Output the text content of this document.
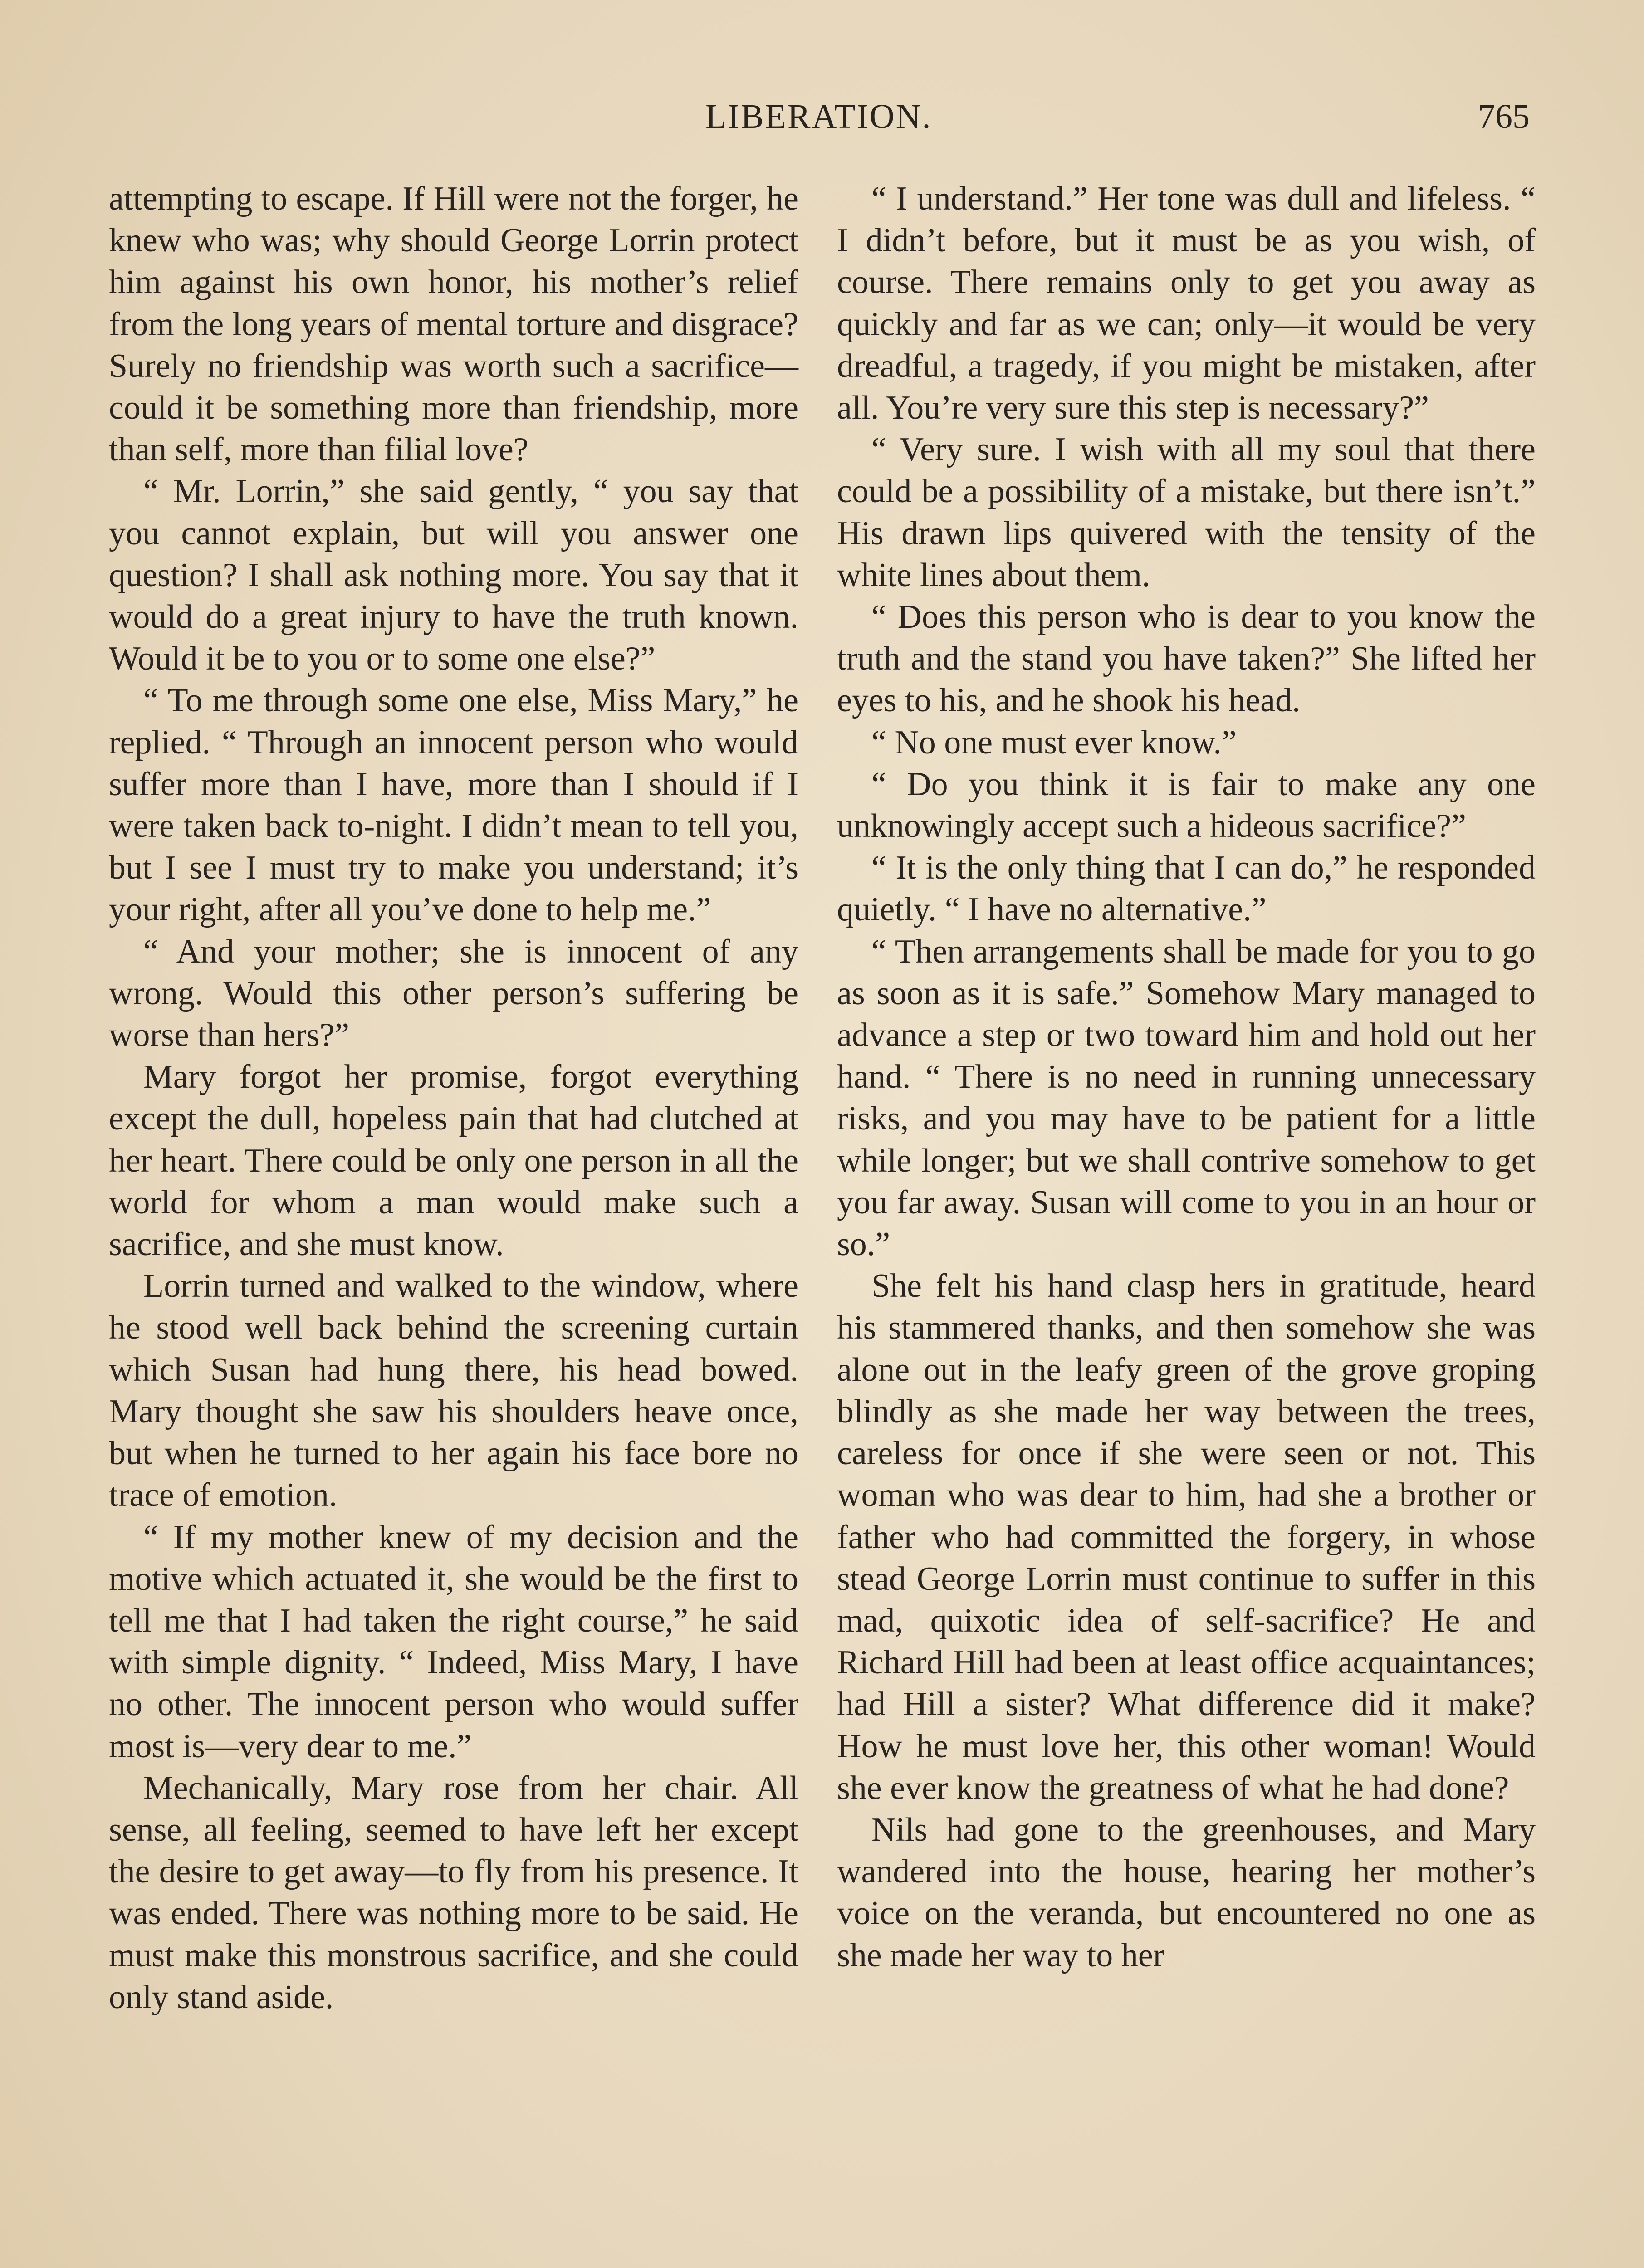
LIBERATION.	765

attempting to escape. If Hill were not the forger, he knew who was; why should George Lorrin protect him against his own honor, his mother’s relief from the long years of mental torture and disgrace? Surely no friendship was worth such a sacrifice—could it be something more than friendship, more than self, more than filial love?

“ Mr. Lorrin,” she said gently, “ you say that you cannot explain, but will you answer one question? I shall ask nothing more. You say that it would do a great injury to have the truth known. Would it be to you or to some one else?”

“ To me through some one else, Miss Mary,” he replied. “ Through an innocent person who would suffer more than I have, more than I should if I were taken back to-night. I didn’t mean to tell you, but I see I must try to make you understand; it’s your right, after all you’ve done to help me.”

“ And your mother; she is innocent of any wrong. Would this other person’s suffering be worse than hers?”

Mary forgot her promise, forgot everything except the dull, hopeless pain that had clutched at her heart. There could be only one person in all the world for whom a man would make such a sacrifice, and she must know.

Lorrin turned and walked to the window, where he stood well back behind the screening curtain which Susan had hung there, his head bowed. Mary thought she saw his shoulders heave once, but when he turned to her again his face bore no trace of emotion.

“ If my mother knew of my decision and the motive which actuated it, she would be the first to tell me that I had taken the right course,” he said with simple dignity. “ Indeed, Miss Mary, I have no other. The innocent person who would suffer most is—very dear to me.”

Mechanically, Mary rose from her chair. All sense, all feeling, seemed to have left her except the desire to get away—to fly from his presence. It was ended. There was nothing more to be said. He must make this monstrous sacrifice, and she could only stand aside.

“ I understand.” Her tone was dull and lifeless. “ I didn’t before, but it must be as you wish, of course. There remains only to get you away as quickly and far as we can; only—it would be very dreadful, a tragedy, if you might be mistaken, after all. You’re very sure this step is necessary?”

“ Very sure. I wish with all my soul that there could be a possibility of a mistake, but there isn’t.” His drawn lips quivered with the tensity of the white lines about them.

“ Does this person who is dear to you know the truth and the stand you have taken?” She lifted her eyes to his, and he shook his head.

“ No one must ever know.”

“ Do you think it is fair to make any one unknowingly accept such a hideous sacrifice?”

“ It is the only thing that I can do,” he responded quietly. “ I have no alternative.”

“ Then arrangements shall be made for you to go as soon as it is safe.” Somehow Mary managed to advance a step or two toward him and hold out her hand. “ There is no need in running unnecessary risks, and you may have to be patient for a little while longer; but we shall contrive somehow to get you far away. Susan will come to you in an hour or so.”

She felt his hand clasp hers in gratitude, heard his stammered thanks, and then somehow she was alone out in the leafy green of the grove groping blindly as she made her way between the trees, careless for once if she were seen or not. This woman who was dear to him, had she a brother or father who had committed the forgery, in whose stead George Lorrin must continue to suffer in this mad, quixotic idea of self-sacrifice? He and Richard Hill had been at least office acquaintances; had Hill a sister? What difference did it make? How he must love her, this other woman! Would she ever know the greatness of what he had done?

Nils had gone to the greenhouses, and Mary wandered into the house, hearing her mother’s voice on the veranda, but encountered no one as she made her way to her
